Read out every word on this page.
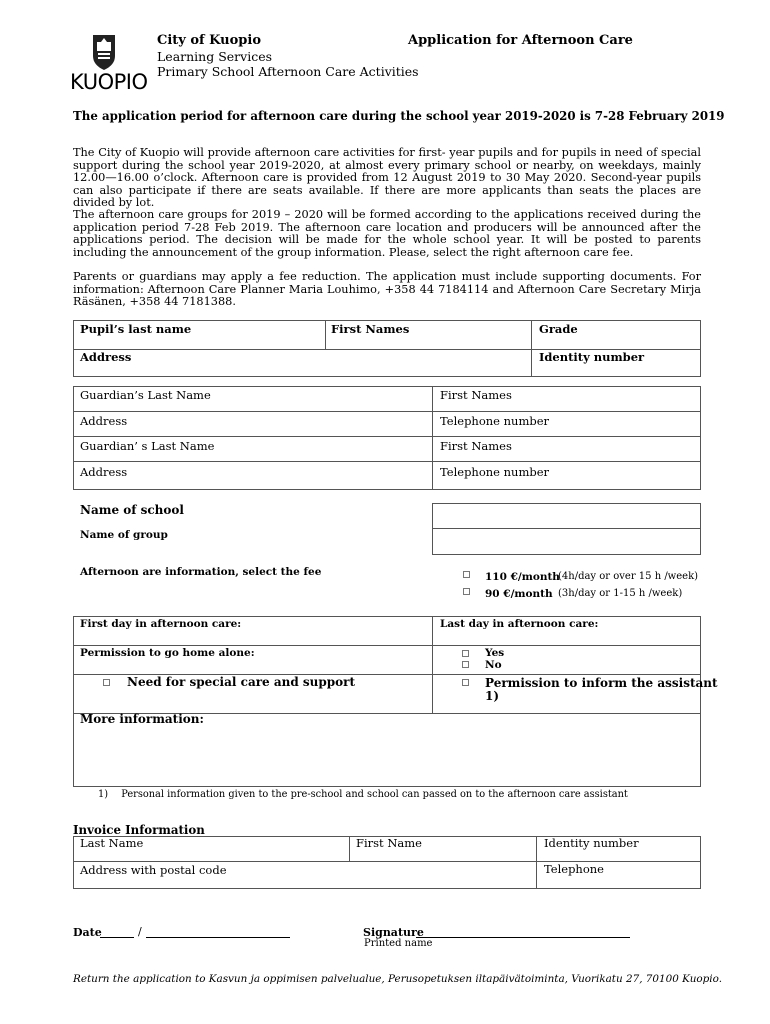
KUOPIO
City of Kuopio
Learning Services
Primary School Afternoon Care Activities
Application for Afternoon Care
The application period for afternoon care during the school year 2019-2020 is 7-28 February 2019
The City of Kuopio will provide afternoon care activities for first- year pupils and for pupils in need of special support during the school year 2019-2020, at almost every primary school or nearby, on weekdays, mainly 12.00—16.00 o’clock. Afternoon care is provided from 12 August 2019 to 30 May 2020. Second-year pupils can also participate if there are seats available. If there are more applicants than seats the places are divided by lot.
The afternoon care groups for 2019 – 2020 will be formed according to the applications received during the application period 7-28 Feb 2019. The afternoon care location and producers will be announced after the applications period. The decision will be made for the whole school year. It will be posted to parents including the announcement of the group information. Please, select the right afternoon care fee.
Parents or guardians may apply a fee reduction. The application must include supporting documents. For information: Afternoon Care Planner Maria Louhimo, +358 44 7184114 and Afternoon Care Secretary Mirja Räsänen, +358 44 7181388.
Pupil’s last name	First Names	Grade
Address	Identity number
Guardian’s Last Name	First Names
Address	Telephone number
Guardian’ s Last Name	First Names
Address	Telephone number
Name of school
Name of group
Afternoon are information, select the fee	110 €/month
(4h/day or over 15 h /week)
90 €/month (3h/day or 1-15 h /week)
First day in afternoon care:	Last day in afternoon care:
Permission to go home alone:	Yes
No
Need for special care and support	Permission to inform the assistant
1)
More information:
1) Personal information given to the pre-school and school can passed on to the afternoon care assistant
Invoice Information
Last Name	First Name	Identity number
Address with postal code	Telephone
Date	/	Signature
Printed name
Return the application to Kasvun ja oppimisen palvelualue, Perusopetuksen iltapäivätoiminta, Vuorikatu 27, 70100 Kuopio.
